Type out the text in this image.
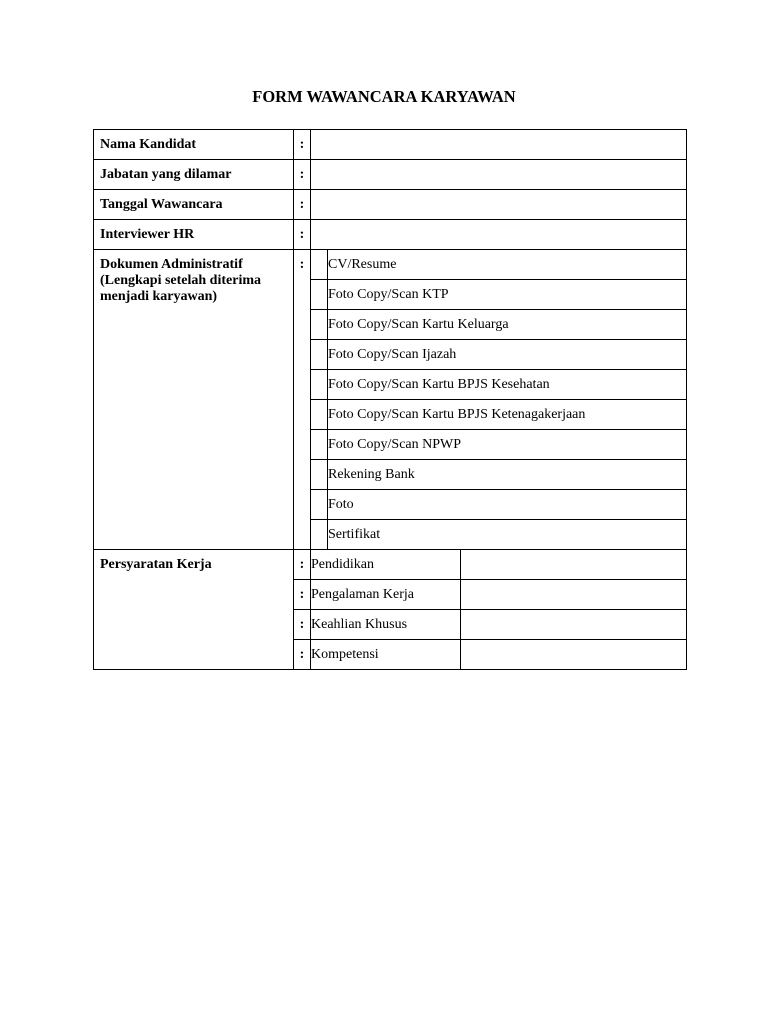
FORM WAWANCARA KARYAWAN
Nama Kandidat	:			

Jabatan yang dilamar	:			

Tanggal Wawancara	:			

Interviewer HR	:			

Dokumen Administratif
(Lengkapi setelah diterima
menjadi karyawan)	:		CV/Resume	

			Foto Copy/Scan KTP	

			Foto Copy/Scan Kartu Keluarga	

			Foto Copy/Scan Ijazah	

			Foto Copy/Scan Kartu BPJS Kesehatan	

			Foto Copy/Scan Kartu BPJS Ketenagakerjaan	

			Foto Copy/Scan NPWP	

			Rekening Bank	

			Foto	

			Sertifikat	

Persyaratan Kerja	:	Pendidikan		

	:	Pengalaman Kerja		

	:	Keahlian Khusus		

	:	Kompetensi		
